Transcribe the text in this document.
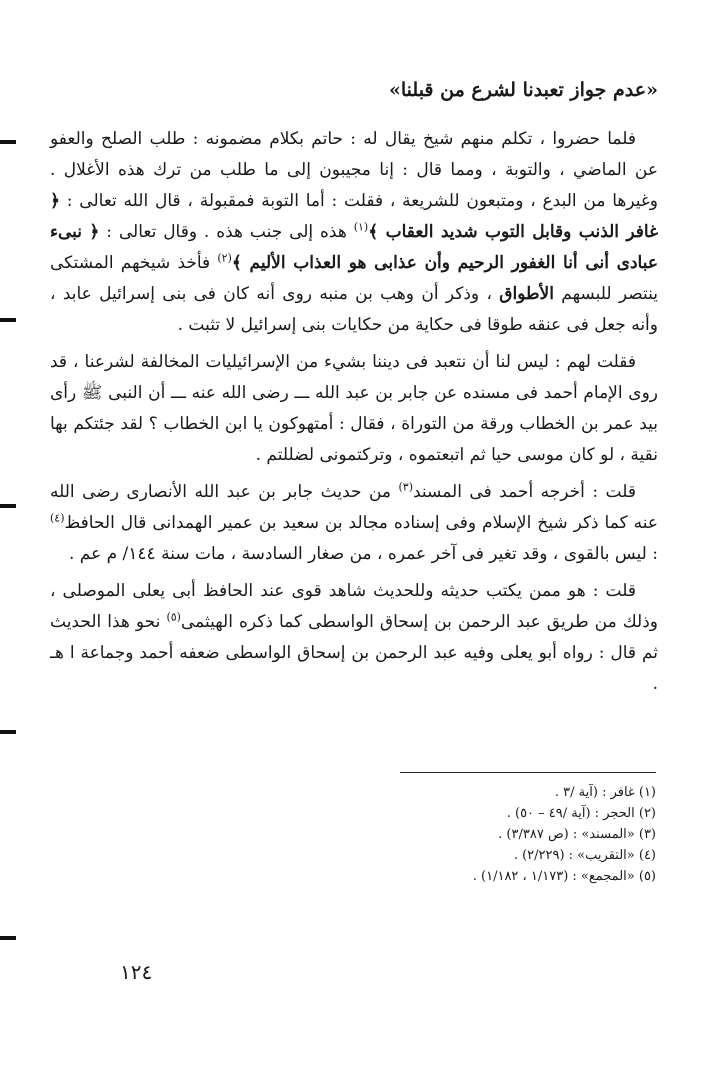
«عدم جواز تعبدنا لشرع من قبلنا»

فلما حضروا ، تكلم منهم شيخ يقال له : حاتم بكلام مضمونه : طلب الصلح والعفو عن الماضي ، والتوبة ، ومما قال : إنا مجيبون إلى ما طلب من ترك هذه الأغلال . وغيرها من البدع ، ومتبعون للشريعة ، فقلت : أما التوبة فمقبولة ، قال الله تعالى : ﴿ غافر الذنب وقابل التوب شديد العقاب ﴾$^{(١)}$ هذه إلى جنب هذه . وقال تعالى : ﴿ نبىء عبادى أنى أنا الغفور الرحيم وأن عذابى هو العذاب الأليم ﴾$^{(٢)}$ فأخذ شيخهم المشتكى ينتصر للبسهم الأطواق ، وذكر أن وهب بن منبه روى أنه كان فى بنى إسرائيل عابد ، وأنه جعل فى عنقه طوقا فى حكاية من حكايات بنى إسرائيل لا تثبت .

فقلت لهم : ليس لنا أن نتعبد فى ديننا بشيء من الإسرائيليات المخالفة لشرعنا ، قد روى الإمام أحمد فى مسنده عن جابر بن عبد الله ـــ رضى الله عنه ـــ أن النبى ﷺ رأى بيد عمر بن الخطاب ورقة من التوراة ، فقال : أمتهوكون يا ابن الخطاب ؟ لقد جئتكم بها نقية ، لو كان موسى حيا ثم اتبعتموه ، وتركتمونى لضللتم .

قلت : أخرجه أحمد فى المسند$^{(٣)}$ من حديث جابر بن عبد الله الأنصارى رضى الله عنه كما ذكر شيخ الإسلام وفى إسناده مجالد بن سعيد بن عمير الهمدانى قال الحافظ$^{(٤)}$ : ليس بالقوى ، وقد تغير فى آخر عمره ، من صغار السادسة ، مات سنة ١٤٤/ م عم .

قلت : هو ممن يكتب حديثه وللحديث شاهد قوى عند الحافظ أبى يعلى الموصلى ، وذلك من طريق عبد الرحمن بن إسحاق الواسطى كما ذكره الهيثمى$^{(٥)}$ نحو هذا الحديث ثم قال : رواه أبو يعلى وفيه عبد الرحمن بن إسحاق الواسطى ضعفه أحمد وجماعة ا هـ .

(١) غافر : (آية /٣ .
(٢) الحجر : (آية /٤٩ – ٥٠) .
(٣) «المسند» : (ص ٣/٣٨٧) .
(٤) «التقريب» : (٢/٢٢٩) .
(٥) «المجمع» : (١/١٧٣ ، ١/١٨٢) .
١٢٤
